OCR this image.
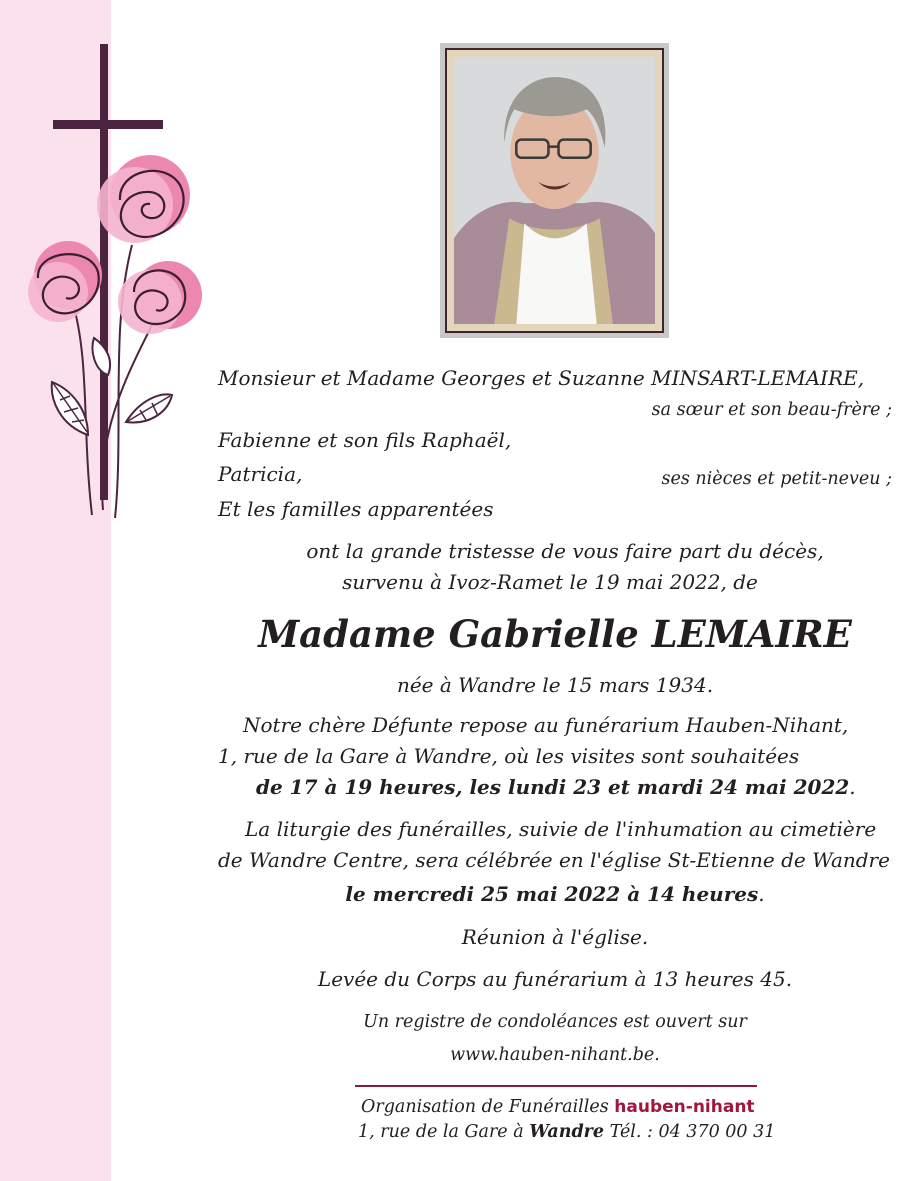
Monsieur et Madame Georges et Suzanne MINSART-LEMAIRE,

sa sœur et son beau-frère ;

Fabienne et son fils Raphaël,

Patricia,	ses nièces et petit-neveu ;

Et les familles apparentées

ont la grande tristesse de vous faire part du décès,

survenu à Ivoz-Ramet le 19 mai 2022, de

Madame Gabrielle LEMAIRE

née à Wandre le 15 mars 1934.

Notre chère Défunte repose au funérarium Hauben-Nihant,

1, rue de la Gare à Wandre, où les visites sont souhaitées

de 17 à 19 heures, les lundi 23 et mardi 24 mai 2022.

La liturgie des funérailles, suivie de l'inhumation au cimetière

de Wandre Centre, sera célébrée en l'église St-Etienne de Wandre

le mercredi 25 mai 2022 à 14 heures.

Réunion à l'église.

Levée du Corps au funérarium à 13 heures 45.

Un registre de condoléances est ouvert sur

www.hauben-nihant.be.

Organisation de Funérailles hauben-nihant

1, rue de la Gare à Wandre Tél. : 04 370 00 31
